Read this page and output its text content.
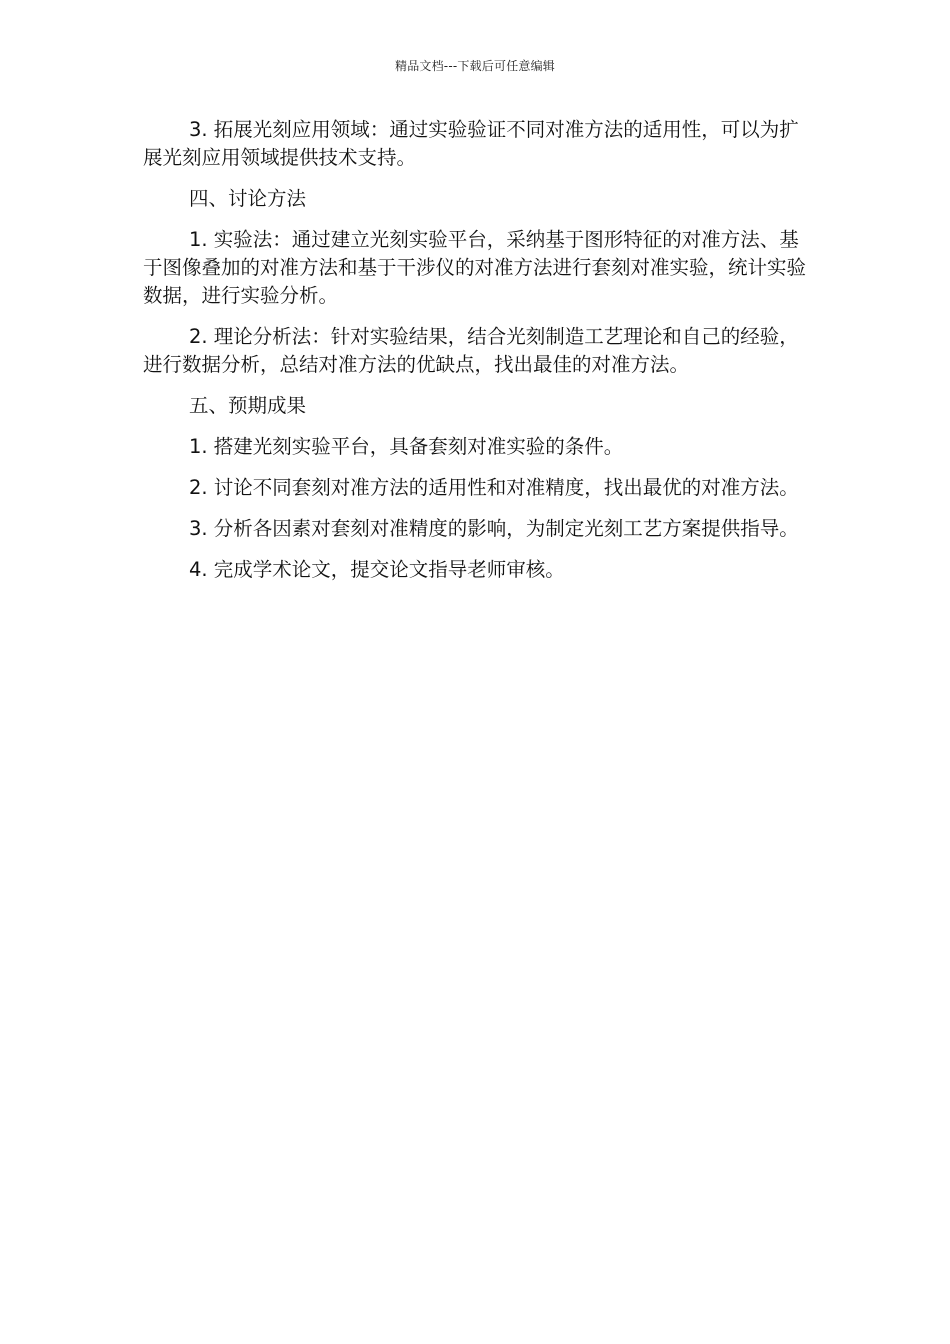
精品文档---下载后可任意编辑

3. 拓展光刻应用领域：通过实验验证不同对准方法的适用性，可以为扩展光刻应用领域提供技术支持。

四、讨论方法

1. 实验法：通过建立光刻实验平台，采纳基于图形特征的对准方法、基于图像叠加的对准方法和基于干涉仪的对准方法进行套刻对准实验，统计实验数据，进行实验分析。

2. 理论分析法：针对实验结果，结合光刻制造工艺理论和自己的经验，进行数据分析，总结对准方法的优缺点，找出最佳的对准方法。

五、预期成果

1. 搭建光刻实验平台，具备套刻对准实验的条件。

2. 讨论不同套刻对准方法的适用性和对准精度，找出最优的对准方法。

3. 分析各因素对套刻对准精度的影响，为制定光刻工艺方案提供指导。

4. 完成学术论文，提交论文指导老师审核。
